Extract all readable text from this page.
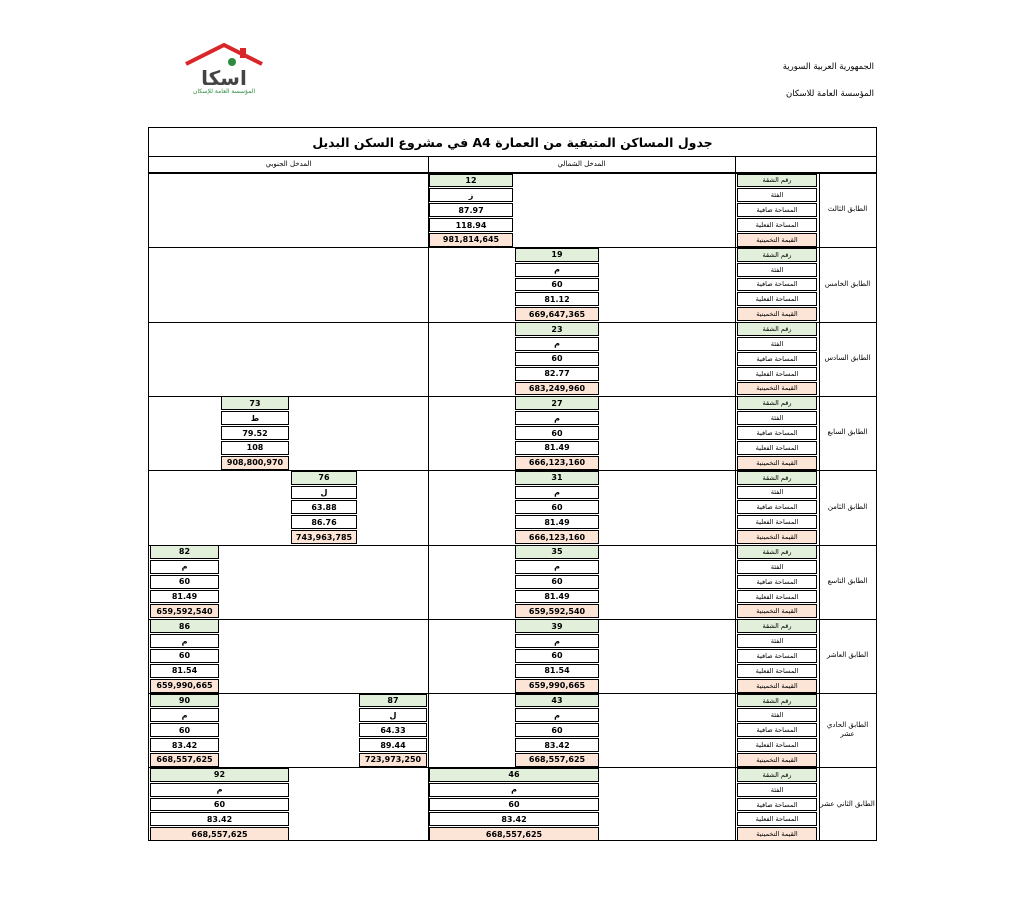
اسكا
المؤسسة العامة للإسكان
الجمهورية العربية السورية
المؤسسة العامة للاسكان
جدول المساكن المتبقية من العمارة A4 في مشروع السكن البديل
المدخل الجنوبي	المدخل الشمالي
الطابق الثالث
رقم الشقة
الفئة
المساحة صافية
المساحة الفعلية
القيمة التخمينية
12
ز
87.97
118.94
981,814,645
الطابق الخامس
رقم الشقة
الفئة
المساحة صافية
المساحة الفعلية
القيمة التخمينية
19
م
60
81.12
669,647,365
الطابق السادس
رقم الشقة
الفئة
المساحة صافية
المساحة الفعلية
القيمة التخمينية
23
م
60
82.77
683,249,960
الطابق السابع
رقم الشقة
الفئة
المساحة صافية
المساحة الفعلية
القيمة التخمينية
27
م
60
81.49
666,123,160
73
ط
79.52
108
908,800,970
الطابق الثامن
رقم الشقة
الفئة
المساحة صافية
المساحة الفعلية
القيمة التخمينية
31
م
60
81.49
666,123,160
76
ل
63.88
86.76
743,963,785
الطابق التاسع
رقم الشقة
الفئة
المساحة صافية
المساحة الفعلية
القيمة التخمينية
35
م
60
81.49
659,592,540
82
م
60
81.49
659,592,540
الطابق العاشر
رقم الشقة
الفئة
المساحة صافية
المساحة الفعلية
القيمة التخمينية
39
م
60
81.54
659,990,665
86
م
60
81.54
659,990,665
الطابق الحادي عشر
رقم الشقة
الفئة
المساحة صافية
المساحة الفعلية
القيمة التخمينية
43
م
60
83.42
668,557,625
87
ل
64.33
89.44
723,973,250
90
م
60
83.42
668,557,625
الطابق الثاني عشر
رقم الشقة
الفئة
المساحة صافية
المساحة الفعلية
القيمة التخمينية
46
م
60
83.42
668,557,625
92
م
60
83.42
668,557,625
